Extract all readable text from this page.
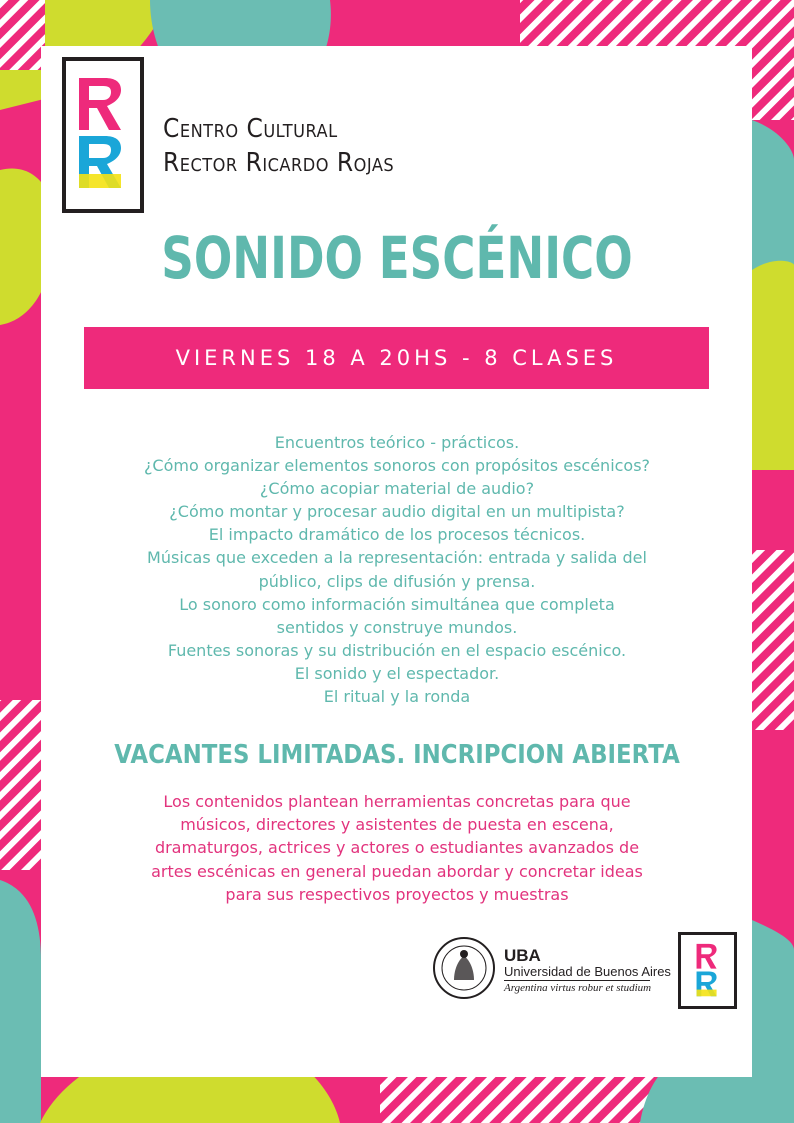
Centro Cultural
Rector Ricardo Rojas
SONIDO ESCÉNICO
VIERNES 18 A 20HS - 8 CLASES
Encuentros teórico - prácticos.
¿Cómo organizar elementos sonoros con propósitos escénicos?
¿Cómo acopiar material de audio?
¿Cómo montar y procesar audio digital en un multipista?
El impacto dramático de los procesos técnicos.
Músicas que exceden a la representación: entrada y salida del
público, clips de difusión y prensa.
Lo sonoro como información simultánea que completa
sentidos y construye mundos.
Fuentes sonoras y su distribución en el espacio escénico.
El sonido y el espectador.
El ritual y la ronda
VACANTES LIMITADAS. INCRIPCION ABIERTA
Los contenidos plantean herramientas concretas para que
músicos, directores y asistentes de puesta en escena,
dramaturgos, actrices y actores o estudiantes avanzados de
artes escénicas en general puedan abordar y concretar ideas
para sus respectivos proyectos y muestras
UBA
Universidad de Buenos Aires
Argentina virtus robur et studium
